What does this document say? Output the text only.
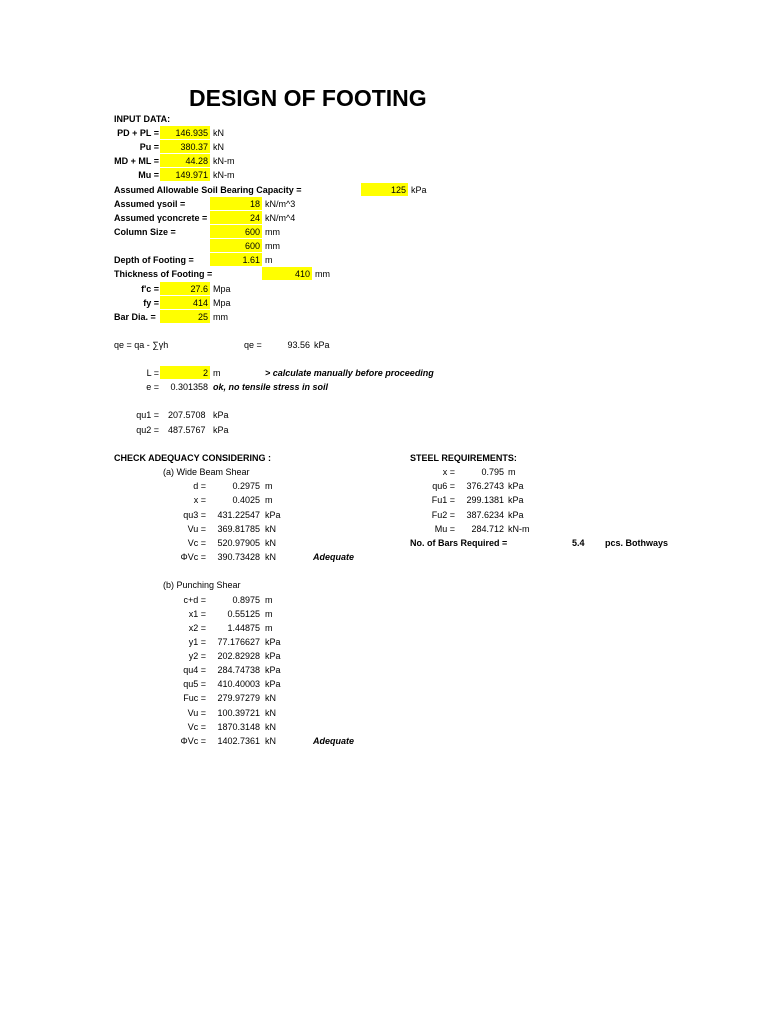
DESIGN OF FOOTING
INPUT DATA:
PD + PL =	146.935 kN
Pu =	380.37 kN
MD + ML =	44.28 kN-m
Mu =	149.971 kN-m
Assumed Allowable Soil Bearing Capacity =	125 kPa
Assumed γsoil =	18 kN/m^3
Assumed γconcrete =	24 kN/m^4
Column Size =	600 mm
600 mm
Depth of Footing =	1.61 m
Thickness of Footing =	410 mm
f'c =	27.6 Mpa
fy =	414 Mpa
Bar Dia. =	25 mm
qe = qa - ∑γh	qe =	93.56 kPa
L =	2 m	> calculate manually before proceeding
e =	0.301358 ok, no tensile stress in soil
qu1 = 207.5708 kPa
qu2 = 487.5767 kPa
CHECK ADEQUACY CONSIDERING :
(a) Wide Beam Shear
d =	0.2975 m
x =	0.4025 m
qu3 =	431.22547 kPa
Vu =	369.81785 kN
Vc =	520.97905 kN
ΦVc =	390.73428 kN	Adequate
(b) Punching Shear
c+d =	0.8975 m
x1 =	0.55125 m
x2 =	1.44875 m
y1 =	77.176627 kPa
y2 =	202.82928 kPa
qu4 =	284.74738 kPa
qu5 =	410.40003 kPa
Fuc =	279.97279 kN
Vu =	100.39721 kN
Vc =	1870.3148 kN
ΦVc =	1402.7361 kN	Adequate
STEEL REQUIREMENTS:
x =	0.795 m
qu6 =	376.2743 kPa
Fu1 =	299.1381 kPa
Fu2 =	387.6234 kPa
Mu =	284.712 kN-m
No. of Bars Required =	5.4 pcs. Bothways
